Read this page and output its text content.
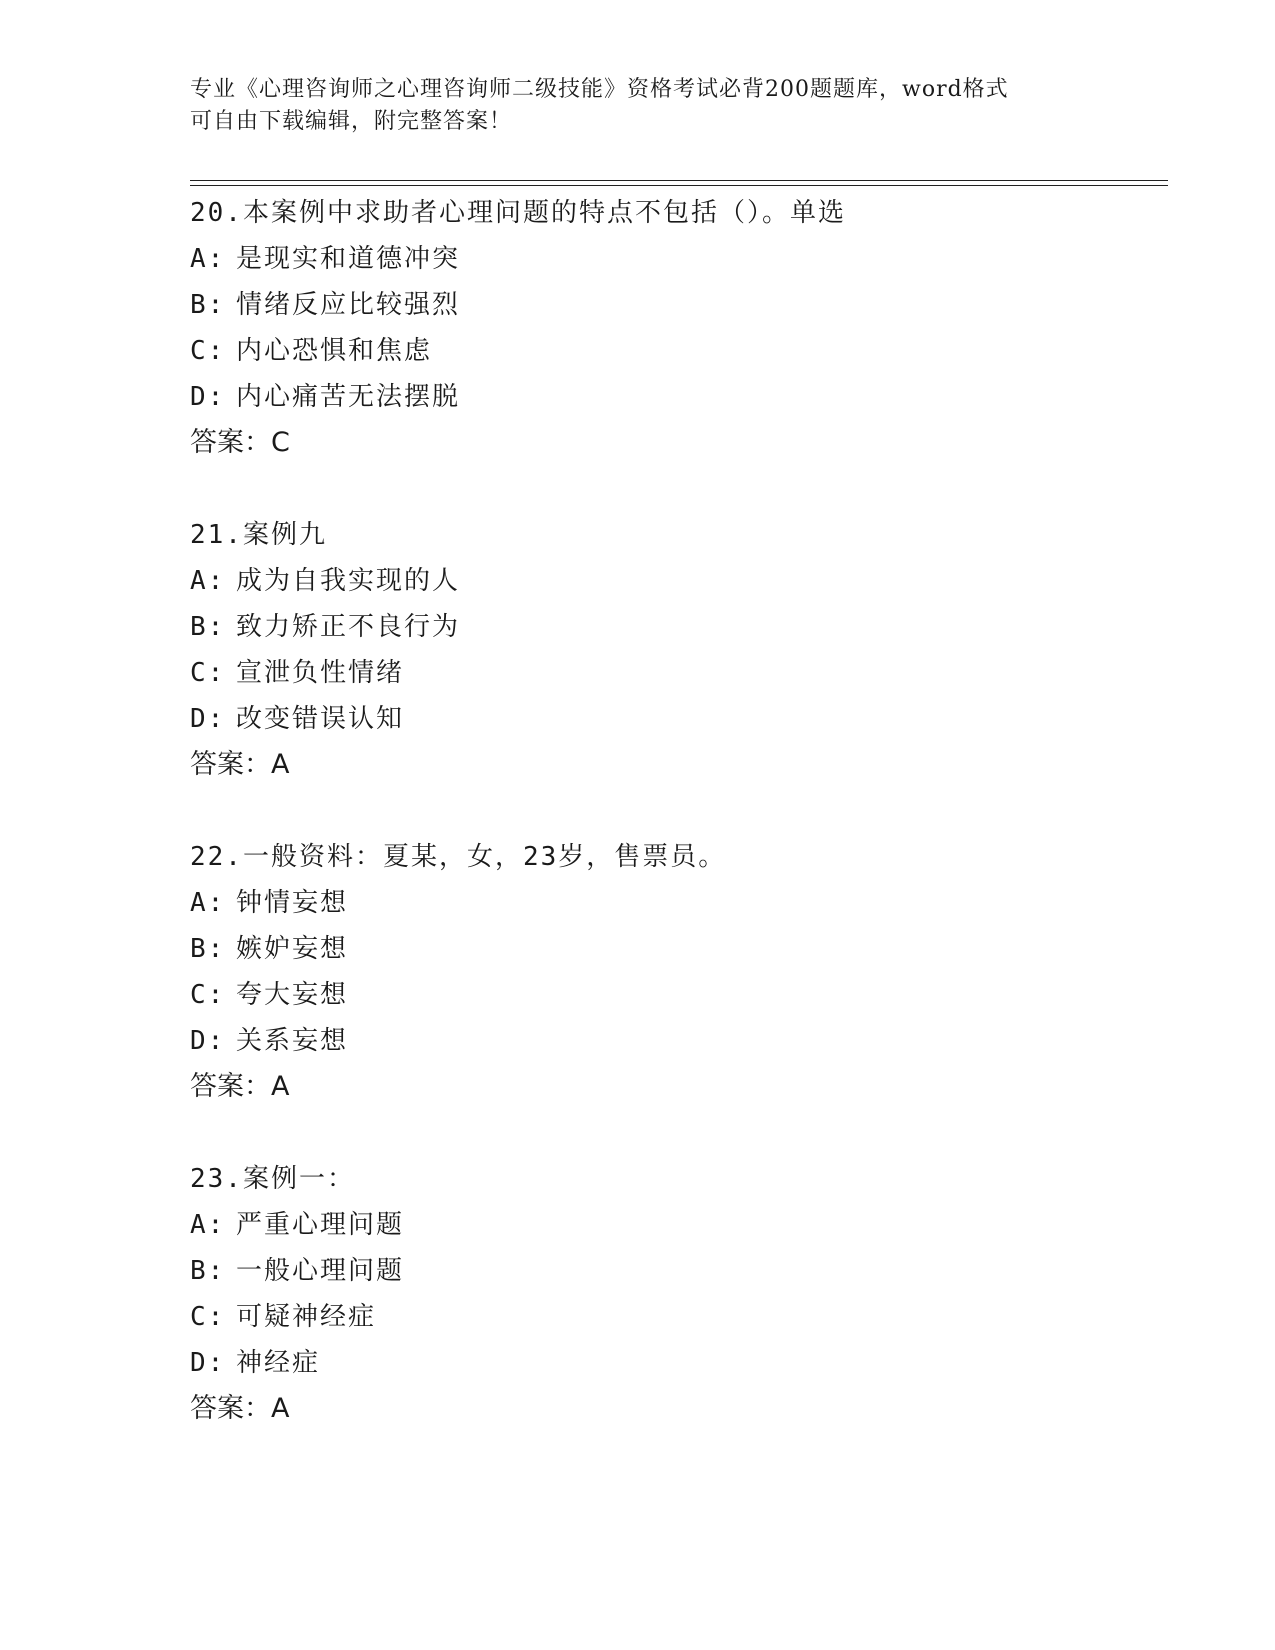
专业《心理咨询师之心理咨询师二级技能》资格考试必背200题题库，word格式
可自由下载编辑，附完整答案！
20.本案例中求助者心理问题的特点不包括（）。单选
A: 是现实和道德冲突
B: 情绪反应比较强烈
C: 内心恐惧和焦虑
D: 内心痛苦无法摆脱
答案：C
21.案例九
A: 成为自我实现的人
B: 致力矫正不良行为
C: 宣泄负性情绪
D: 改变错误认知
答案：A
22.一般资料：夏某，女，23岁，售票员。
A: 钟情妄想
B: 嫉妒妄想
C: 夸大妄想
D: 关系妄想
答案：A
23.案例一：
A: 严重心理问题
B: 一般心理问题
C: 可疑神经症
D: 神经症
答案：A
